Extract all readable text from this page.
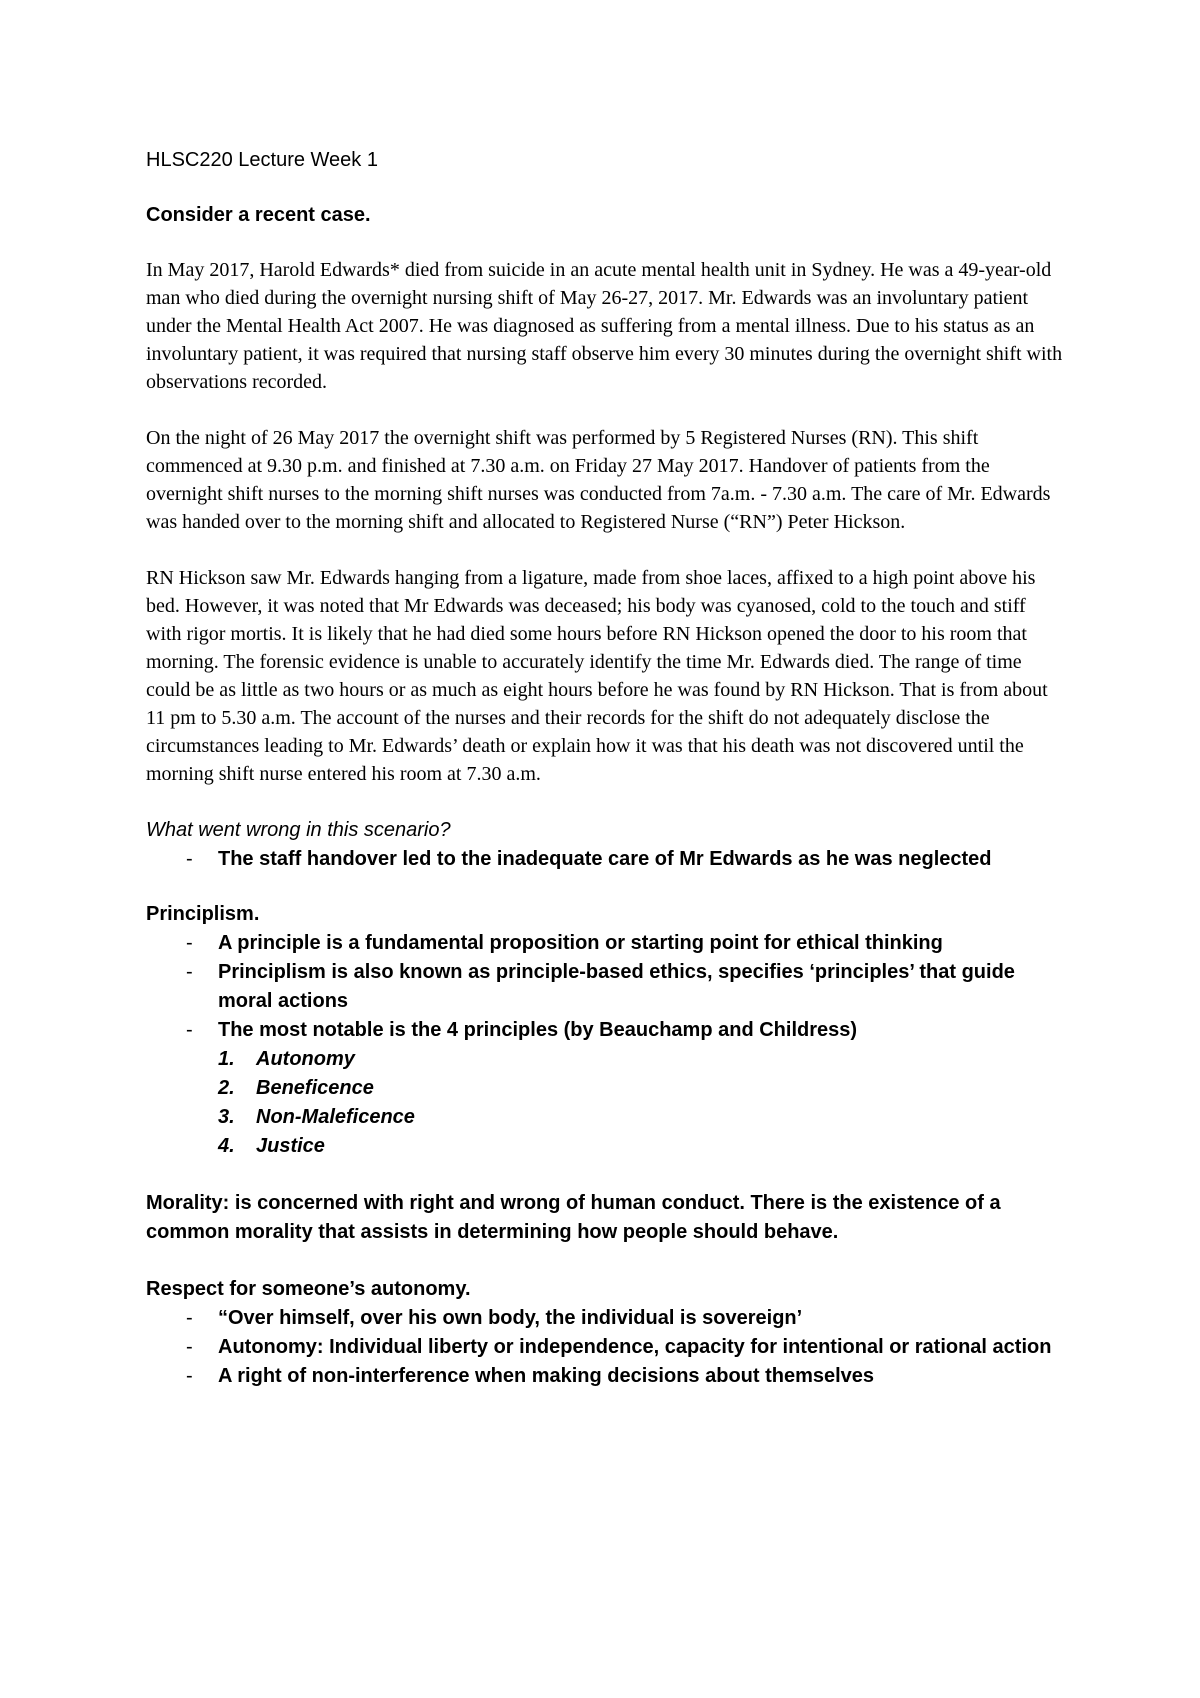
HLSC220 Lecture Week 1

Consider a recent case.

In May 2017, Harold Edwards* died from suicide in an acute mental health unit in Sydney. He was a 49-year-old man who died during the overnight nursing shift of May 26-27, 2017. Mr. Edwards was an involuntary patient under the Mental Health Act 2007. He was diagnosed as suffering from a mental illness. Due to his status as an involuntary patient, it was required that nursing staff observe him every 30 minutes during the overnight shift with observations recorded.

On the night of 26 May 2017 the overnight shift was performed by 5 Registered Nurses (RN). This shift commenced at 9.30 p.m. and finished at 7.30 a.m. on Friday 27 May 2017. Handover of patients from the overnight shift nurses to the morning shift nurses was conducted from 7a.m. - 7.30 a.m. The care of Mr. Edwards was handed over to the morning shift and allocated to Registered Nurse (“RN”) Peter Hickson.

RN Hickson saw Mr. Edwards hanging from a ligature, made from shoe laces, affixed to a high point above his bed. However, it was noted that Mr Edwards was deceased; his body was cyanosed, cold to the touch and stiff with rigor mortis. It is likely that he had died some hours before RN Hickson opened the door to his room that morning. The forensic evidence is unable to accurately identify the time Mr. Edwards died. The range of time could be as little as two hours or as much as eight hours before he was found by RN Hickson. That is from about 11 pm to 5.30 a.m. The account of the nurses and their records for the shift do not adequately disclose the circumstances leading to Mr. Edwards’ death or explain how it was that his death was not discovered until the morning shift nurse entered his room at 7.30 a.m.

What went wrong in this scenario?

- The staff handover led to the inadequate care of Mr Edwards as he was neglected

Principlism.

- A principle is a fundamental proposition or starting point for ethical thinking
- Principlism is also known as principle-based ethics, specifies ‘principles’ that guide moral actions
- The most notable is the 4 principles (by Beauchamp and Childress)
1. Autonomy
2. Beneficence
3. Non-Maleficence
4. Justice

Morality: is concerned with right and wrong of human conduct. There is the existence of a common morality that assists in determining how people should behave.

Respect for someone’s autonomy.

- “Over himself, over his own body, the individual is sovereign’
- Autonomy: Individual liberty or independence, capacity for intentional or rational action
- A right of non-interference when making decisions about themselves
